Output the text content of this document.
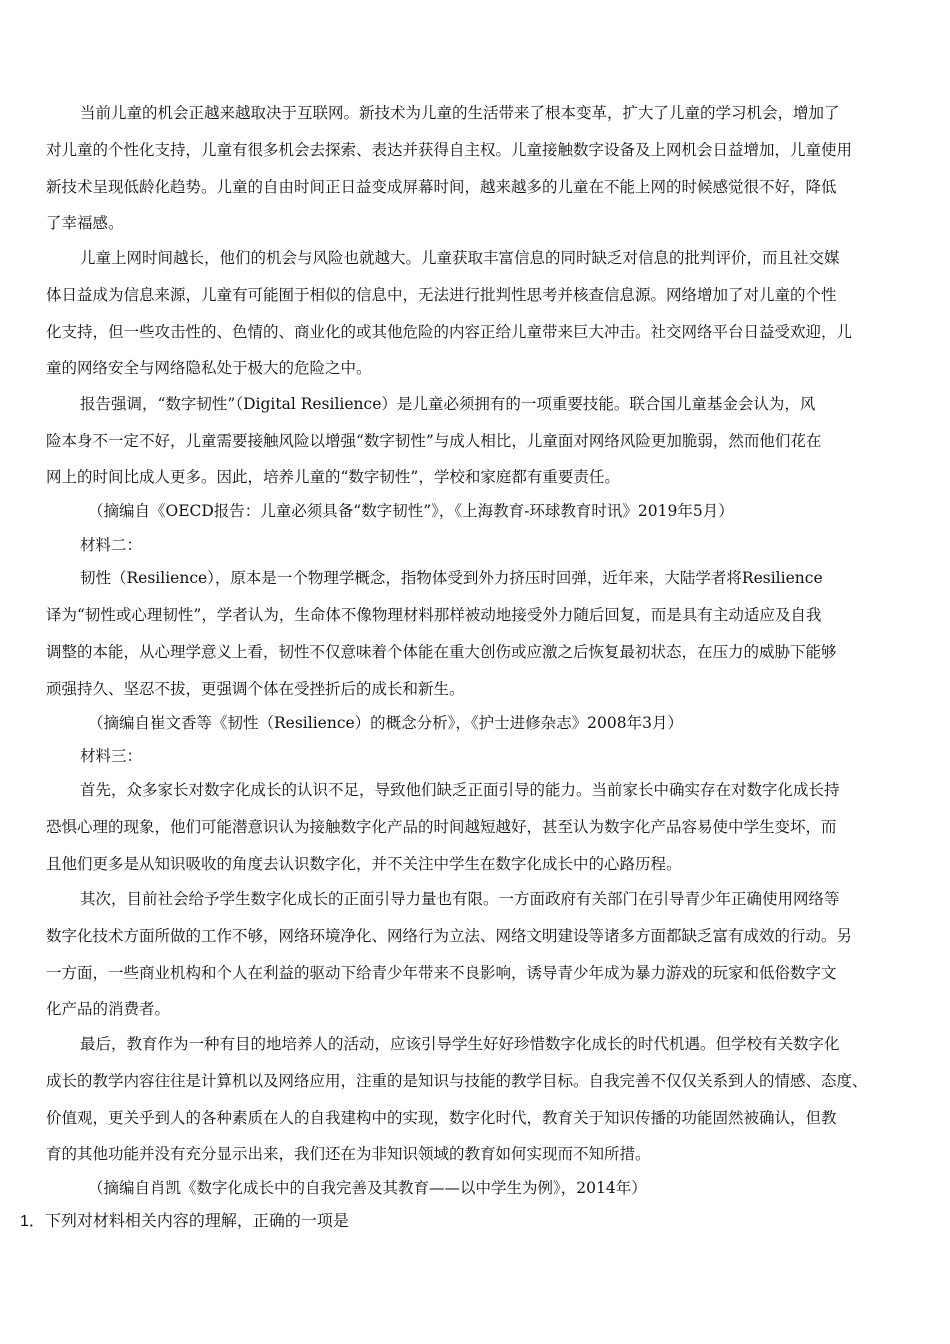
当前儿童的机会正越来越取决于互联网。新技术为儿童的生活带来了根本变革，扩大了儿童的学习机会，增加了
对儿童的个性化支持，儿童有很多机会去探索、表达并获得自主权。儿童接触数字设备及上网机会日益增加，儿童使用
新技术呈现低龄化趋势。儿童的自由时间正日益变成屏幕时间，越来越多的儿童在不能上网的时候感觉很不好，降低
了幸福感。
儿童上网时间越长，他们的机会与风险也就越大。儿童获取丰富信息的同时缺乏对信息的批判评价，而且社交媒
体日益成为信息来源，儿童有可能囿于相似的信息中，无法进行批判性思考并核查信息源。网络增加了对儿童的个性
化支持，但一些攻击性的、色情的、商业化的或其他危险的内容正给儿童带来巨大冲击。社交网络平台日益受欢迎，儿
童的网络安全与网络隐私处于极大的危险之中。
报告强调，“数字韧性”（Digital Resilience）是儿童必须拥有的一项重要技能。联合国儿童基金会认为，风
险本身不一定不好，儿童需要接触风险以增强“数字韧性”与成人相比，儿童面对网络风险更加脆弱，然而他们花在
网上的时间比成人更多。因此，培养儿童的“数字韧性”，学校和家庭都有重要责任。
（摘编自《OECD报告：儿童必须具备“数字韧性”》，《上海教育-环球教育时讯》2019年5月）
材料二：
韧性（Resilience），原本是一个物理学概念，指物体受到外力挤压时回弹，近年来，大陆学者将Resilience
译为“韧性或心理韧性”，学者认为，生命体不像物理材料那样被动地接受外力随后回复，而是具有主动适应及自我
调整的本能，从心理学意义上看，韧性不仅意味着个体能在重大创伤或应激之后恢复最初状态，在压力的威胁下能够
顽强持久、坚忍不拔，更强调个体在受挫折后的成长和新生。
（摘编自崔文香等《韧性（Resilience）的概念分析》，《护士进修杂志》2008年3月）
材料三：
首先，众多家长对数字化成长的认识不足，导致他们缺乏正面引导的能力。当前家长中确实存在对数字化成长持
恐惧心理的现象，他们可能潜意识认为接触数字化产品的时间越短越好，甚至认为数字化产品容易使中学生变坏，而
且他们更多是从知识吸收的角度去认识数字化，并不关注中学生在数字化成长中的心路历程。
其次，目前社会给予学生数字化成长的正面引导力量也有限。一方面政府有关部门在引导青少年正确使用网络等
数字化技术方面所做的工作不够，网络环境净化、网络行为立法、网络文明建设等诸多方面都缺乏富有成效的行动。另
一方面，一些商业机构和个人在利益的驱动下给青少年带来不良影响，诱导青少年成为暴力游戏的玩家和低俗数字文
化产品的消费者。
最后，教育作为一种有目的地培养人的活动，应该引导学生好好珍惜数字化成长的时代机遇。但学校有关数字化
成长的教学内容往往是计算机以及网络应用，注重的是知识与技能的教学目标。自我完善不仅仅关系到人的情感、态度、
价值观，更关乎到人的各种素质在人的自我建构中的实现，数字化时代，教育关于知识传播的功能固然被确认，但教
育的其他功能并没有充分显示出来，我们还在为非知识领域的教育如何实现而不知所措。
（摘编自肖凯《数字化成长中的自我完善及其教育——以中学生为例》，2014年）
1．下列对材料相关内容的理解，正确的一项是
